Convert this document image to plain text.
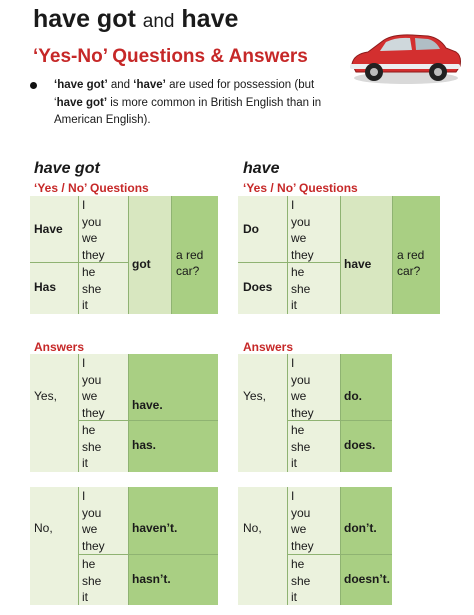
have got and have
‘Yes-No’ Questions & Answers
‘have got’ and ‘have’ are used for possession (but ‘have got’ is more common in British English than in American English).
have got
‘Yes / No’ Questions
Have
Has
I
you
we
they
he
she
it
got
a red car?
Answers
Yes,
I
you
we
they
he
she
it
have.
has.
No,
I
you
we
they
he
she
it
haven’t.
hasn’t.
have
‘Yes / No’ Questions
Do
Does
I
you
we
they
he
she
it
have
a red car?
Answers
Yes,
I
you
we
they
he
she
it
do.
does.
No,
I
you
we
they
he
she
it
don’t.
doesn’t.
